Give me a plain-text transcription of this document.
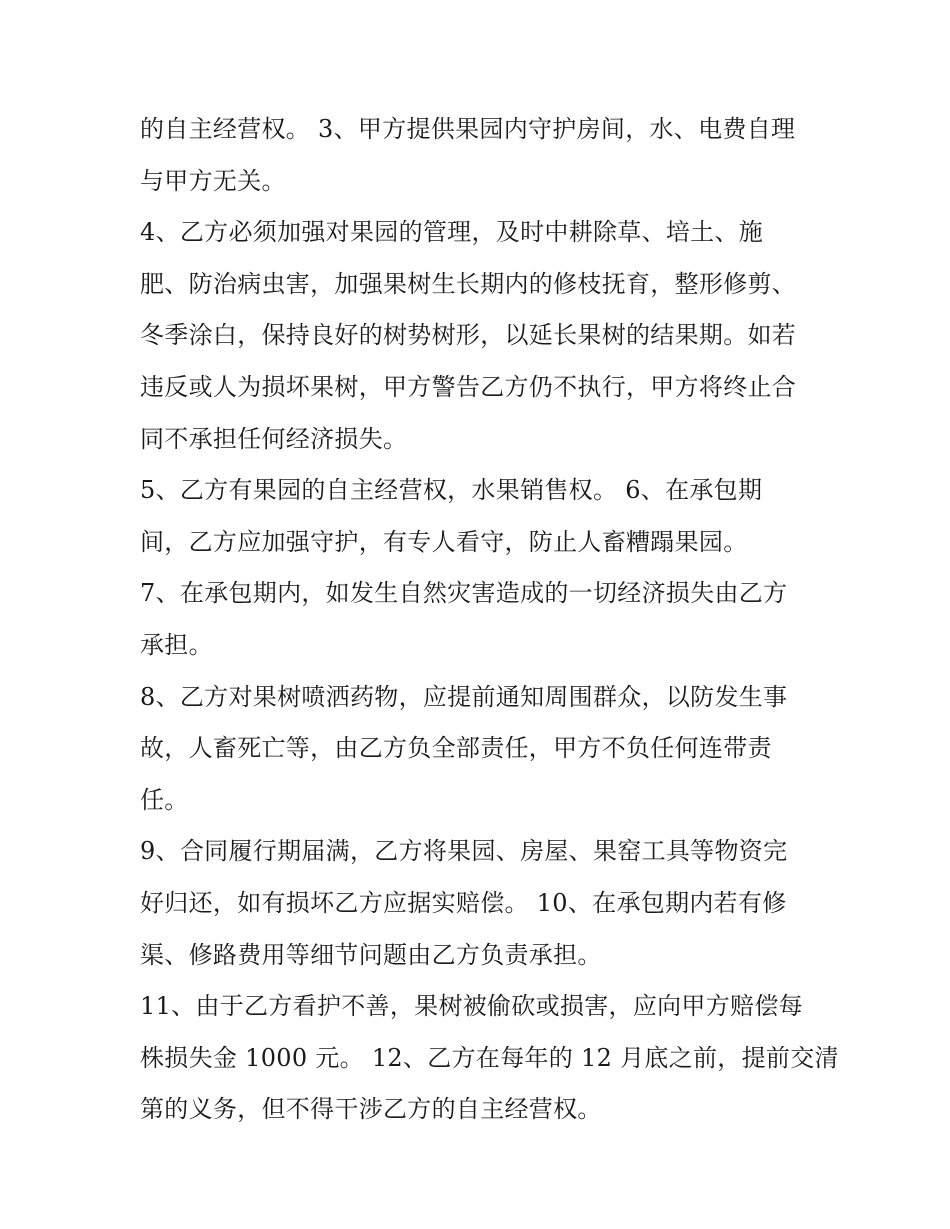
的自主经营权。 3、甲方提供果园内守护房间，水、电费自理
与甲方无关。
4、乙方必须加强对果园的管理，及时中耕除草、培土、施
肥、防治病虫害，加强果树生长期内的修枝抚育，整形修剪、
冬季涂白，保持良好的树势树形，以延长果树的结果期。如若
违反或人为损坏果树，甲方警告乙方仍不执行，甲方将终止合
同不承担任何经济损失。
5、乙方有果园的自主经营权，水果销售权。 6、在承包期
间，乙方应加强守护，有专人看守，防止人畜糟蹋果园。
7、在承包期内，如发生自然灾害造成的一切经济损失由乙方
承担。
8、乙方对果树喷洒药物，应提前通知周围群众，以防发生事
故，人畜死亡等，由乙方负全部责任，甲方不负任何连带责
任。
9、合同履行期届满，乙方将果园、房屋、果窑工具等物资完
好归还，如有损坏乙方应据实赔偿。 10、在承包期内若有修
渠、修路费用等细节问题由乙方负责承担。
11、由于乙方看护不善，果树被偷砍或损害，应向甲方赔偿每
株损失金 1000 元。 12、乙方在每年的 12 月底之前，提前交清
第的义务，但不得干涉乙方的自主经营权。
